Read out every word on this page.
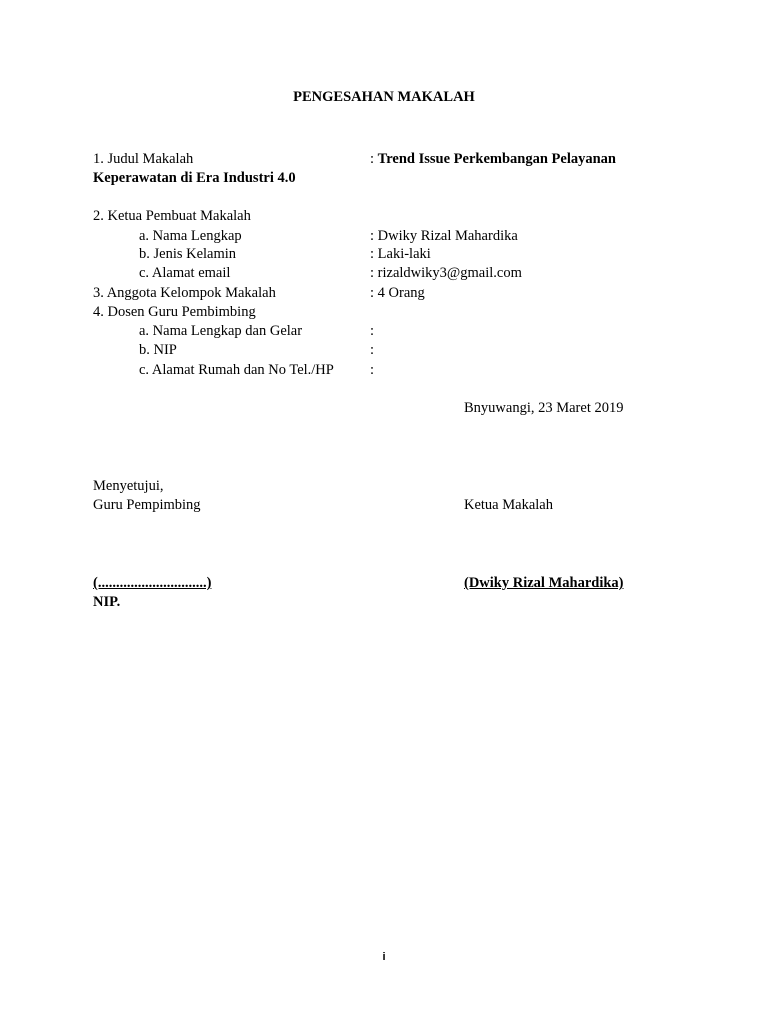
PENGESAHAN MAKALAH
1. Judul Makalah	: Trend Issue Perkembangan Pelayanan
Keperawatan di Era Industri 4.0
2. Ketua Pembuat Makalah
a. Nama Lengkap	: Dwiky Rizal Mahardika
b. Jenis Kelamin	: Laki-laki
c. Alamat email	: rizaldwiky3@gmail.com
3. Anggota Kelompok Makalah	: 4 Orang
4. Dosen Guru Pembimbing
a. Nama Lengkap dan Gelar	:
b. NIP	:
c. Alamat Rumah dan No Tel./HP :
Bnyuwangi, 23 Maret 2019
Menyetujui,
Guru Pempimbing	Ketua Makalah
(..............................)	(Dwiky Rizal Mahardika)
NIP.
i
